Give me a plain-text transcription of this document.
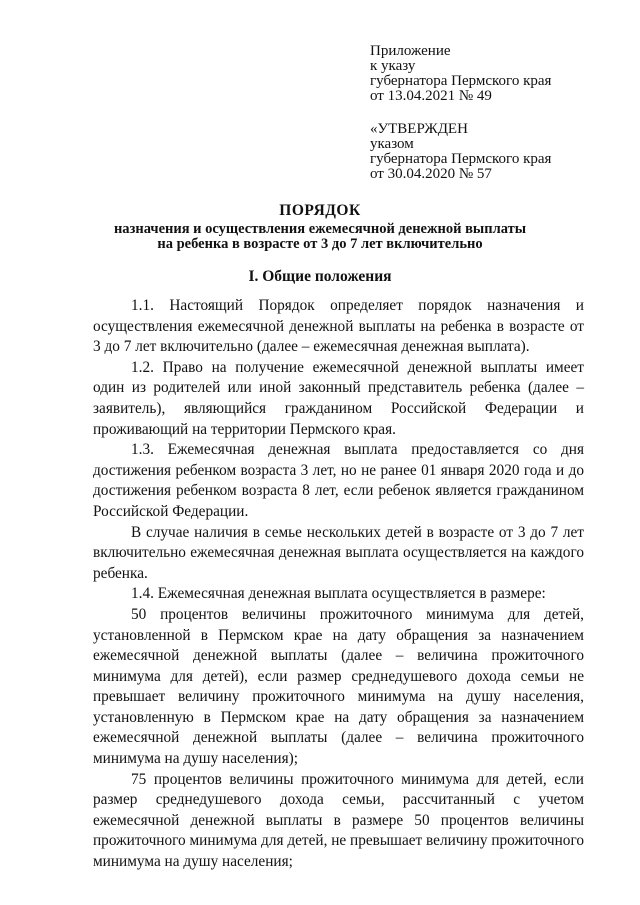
Приложение
к указу
губернатора Пермского края
от 13.04.2021 № 49
«УТВЕРЖДЕН
указом
губернатора Пермского края
от 30.04.2020 № 57
ПОРЯДОК
назначения и осуществления ежемесячной денежной выплаты
на ребенка в возрасте от 3 до 7 лет включительно
I. Общие положения

1.1. Настоящий Порядок определяет порядок назначения и осуществления ежемесячной денежной выплаты на ребенка в возрасте от 3 до 7 лет включительно (далее – ежемесячная денежная выплата).

1.2. Право на получение ежемесячной денежной выплаты имеет один из родителей или иной законный представитель ребенка (далее – заявитель), являющийся гражданином Российской Федерации и проживающий на территории Пермского края.

1.3. Ежемесячная денежная выплата предоставляется со дня достижения ребенком возраста 3 лет, но не ранее 01 января 2020 года и до достижения ребенком возраста 8 лет, если ребенок является гражданином Российской Федерации.

В случае наличия в семье нескольких детей в возрасте от 3 до 7 лет включительно ежемесячная денежная выплата осуществляется на каждого ребенка.

1.4. Ежемесячная денежная выплата осуществляется в размере:

50 процентов величины прожиточного минимума для детей, установленной в Пермском крае на дату обращения за назначением ежемесячной денежной выплаты (далее – величина прожиточного минимума для детей), если размер среднедушевого дохода семьи не превышает величину прожиточного минимума на душу населения, установленную в Пермском крае на дату обращения за назначением ежемесячной денежной выплаты (далее – величина прожиточного минимума на душу населения);

75 процентов величины прожиточного минимума для детей, если размер среднедушевого дохода семьи, рассчитанный с учетом ежемесячной денежной выплаты в размере 50 процентов величины прожиточного минимума для детей, не превышает величину прожиточного минимума на душу населения;
